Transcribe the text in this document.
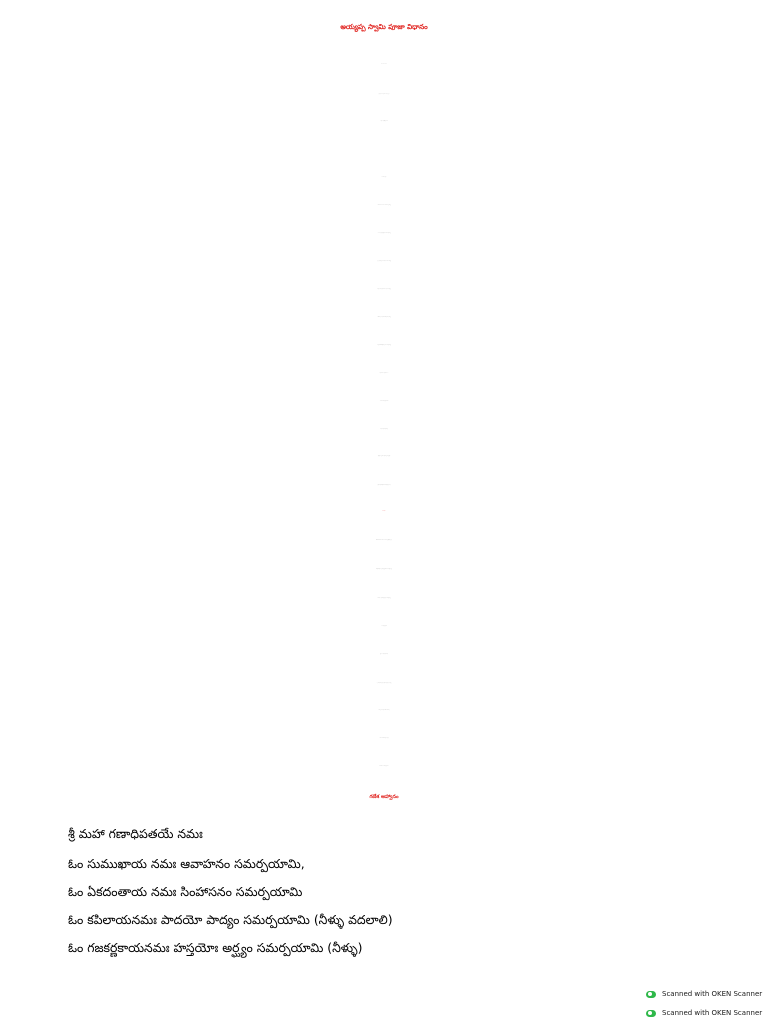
అయ్యప్ప స్వామి పూజా విధానం
గణేశ ఆహ్వానం
శ్రీ మహా గణాధిపతయే నమః
ఓం సుముఖాయ నమః ఆవాహనం సమర్పయామి,
ఓం ఏకదంతాయ నమః సింహాసనం సమర్పయామి
ఓం కపిలాయనమః పాదయో పాద్యం సమర్పయామి (నీళ్ళు వదలాలి)
ఓం గజకర్ణకాయనమః హస్తయోః అర్ఘ్యం సమర్పయామి (నీళ్ళు)
Scanned with OKEN Scanner
Scanned with OKEN Scanner
